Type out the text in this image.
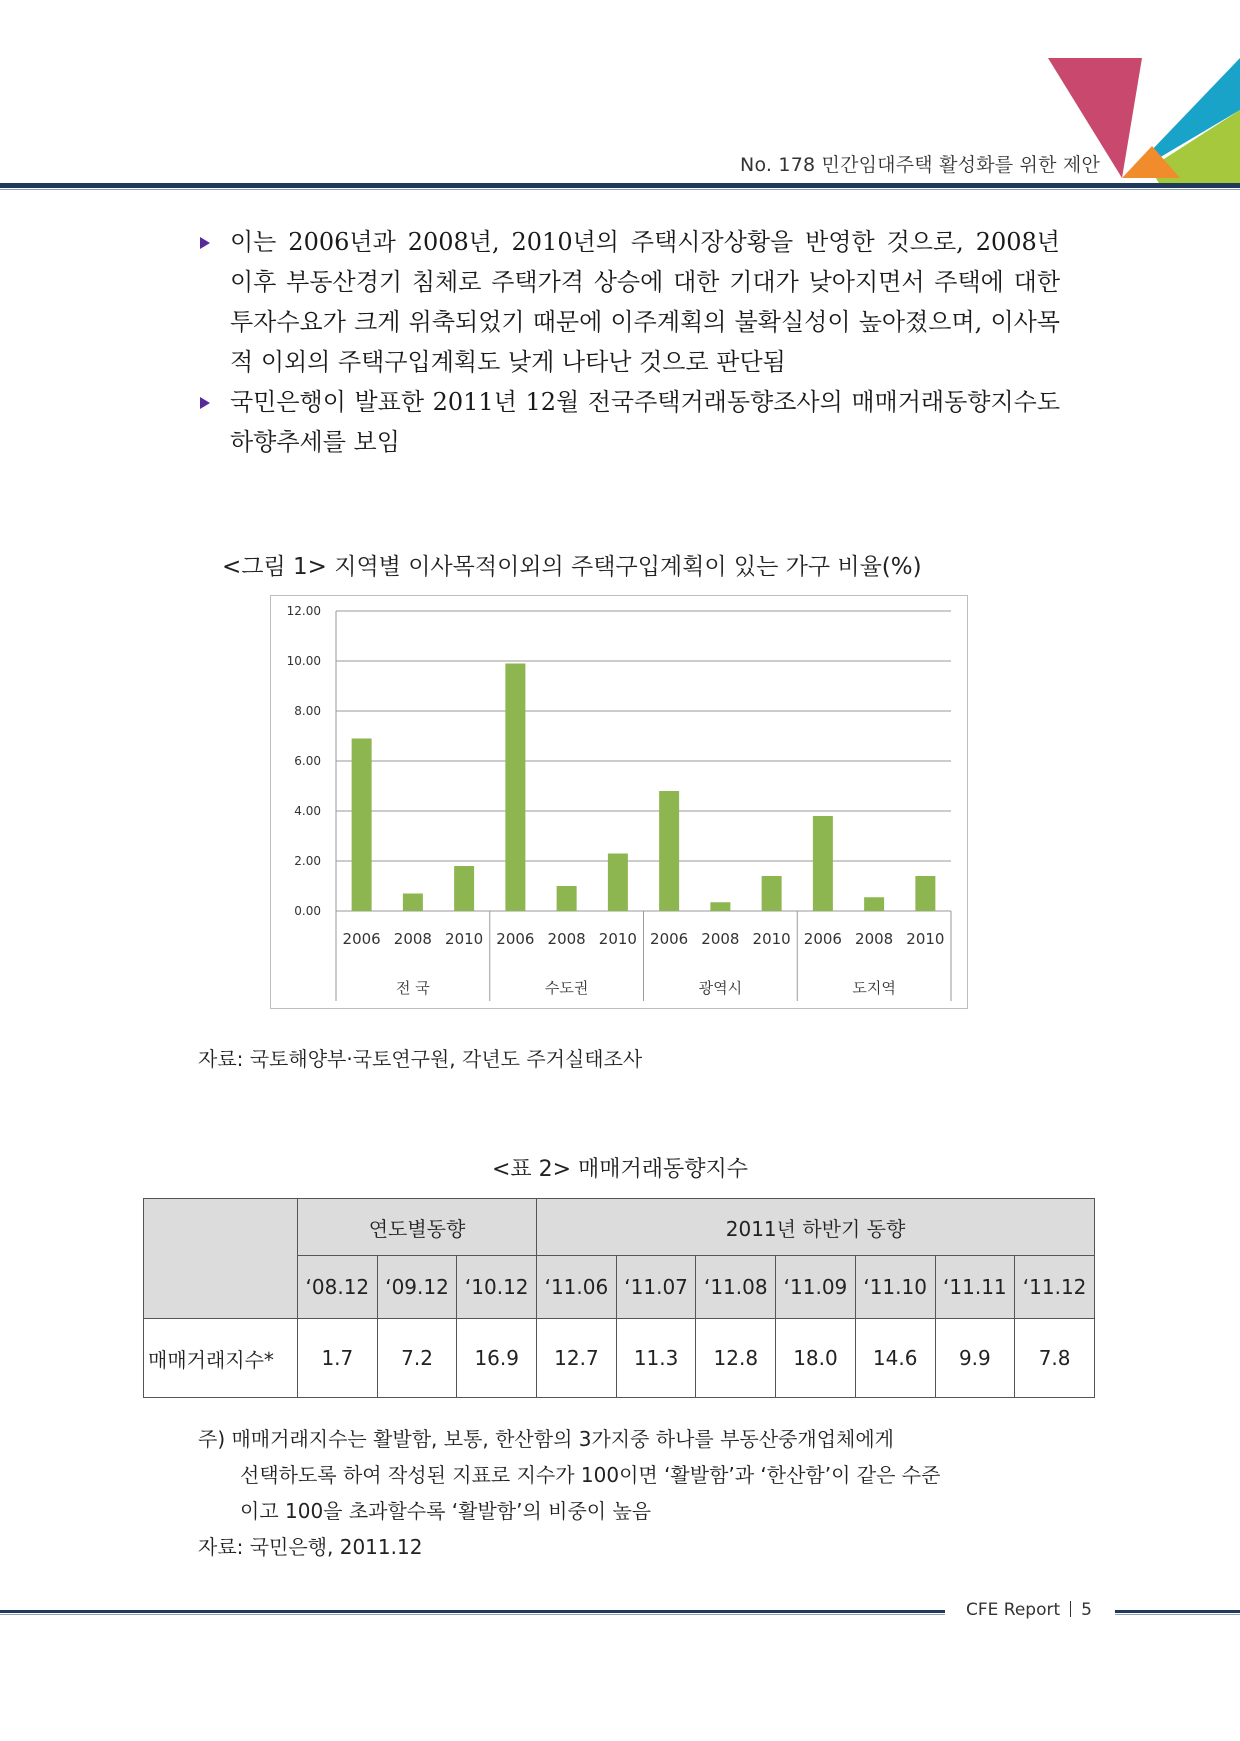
No. 178 민간임대주택 활성화를 위한 제안

이는 2006년과 2008년, 2010년의 주택시장상황을 반영한 것으로, 2008년 이후 부동산경기 침체로 주택가격 상승에 대한 기대가 낮아지면서 주택에 대한 투자수요가 크게 위축되었기 때문에 이주계획의 불확실성이 높아졌으며, 이사목적 이외의 주택구입계획도 낮게 나타난 것으로 판단됨

국민은행이 발표한 2011년 12월 전국주택거래동향조사의 매매거래동향지수도 하향추세를 보임

<그림 1> 지역별 이사목적이외의 주택구입계획이 있는 가구 비율(%)
0.00
2.00
4.00
6.00
8.00
10.00
12.00
2006 2008 2010 2006 2008 2010 2006 2008 2010 2006 2008 2010
전 국	수도권	광역시	도지역
자료: 국토해양부·국토연구원, 각년도 주거실태조사
<표 2> 매매거래동향지수
	연도별동향			2011년 하반기 동향						
	‘08.12	‘09.12	‘10.12	‘11.06	‘11.07	‘11.08	‘11.09	‘11.10	‘11.11	‘11.12
매매거래지수*	1.7	7.2	16.9	12.7	11.3	12.8	18.0	14.6	9.9	7.8
주) 매매거래지수는 활발함, 보통, 한산함의 3가지중 하나를 부동산중개업체에게
선택하도록 하여 작성된 지표로 지수가 100이면 ‘활발함’과 ‘한산함’이 같은 수준
이고 100을 초과할수록 ‘활발함’의 비중이 높음
자료: 국민은행, 2011.12
CFE Report 5
